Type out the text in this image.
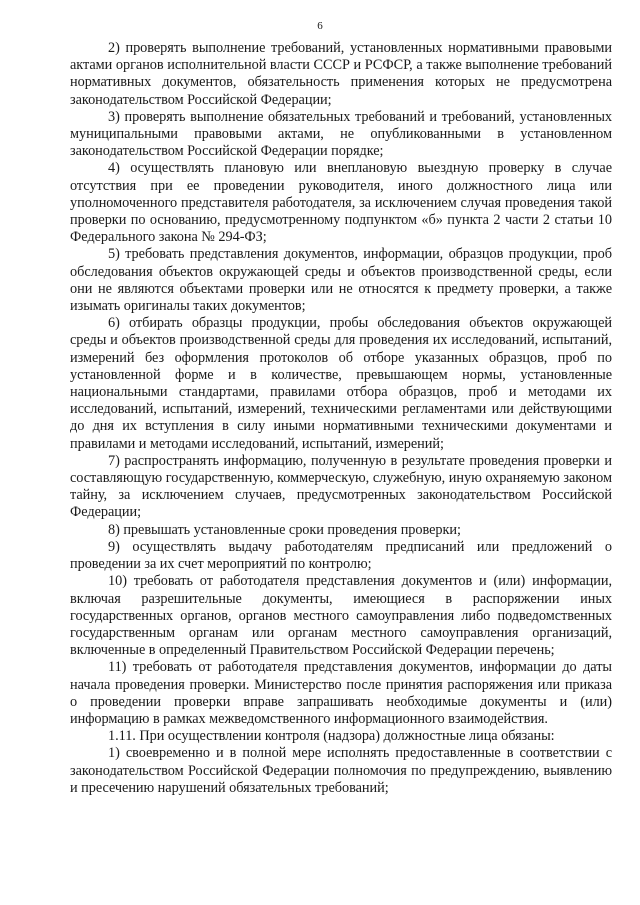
6

2) проверять выполнение требований, установленных нормативными правовыми актами органов исполнительной власти СССР и РСФСР, а также выполнение требований нормативных документов, обязательность применения которых не предусмотрена законодательством Российской Федерации;

3) проверять выполнение обязательных требований и требований, установленных муниципальными правовыми актами, не опубликованными в установленном законодательством Российской Федерации порядке;

4) осуществлять плановую или внеплановую выездную проверку в случае отсутствия при ее проведении руководителя, иного должностного лица или уполномоченного представителя работодателя, за исключением случая проведения такой проверки по основанию, предусмотренному подпунктом «б» пункта 2 части 2 статьи 10 Федерального закона № 294-ФЗ;

5) требовать представления документов, информации, образцов продукции, проб обследования объектов окружающей среды и объектов производственной среды, если они не являются объектами проверки или не относятся к предмету проверки, а также изымать оригиналы таких документов;

6) отбирать образцы продукции, пробы обследования объектов окружающей среды и объектов производственной среды для проведения их исследований, испытаний, измерений без оформления протоколов об отборе указанных образцов, проб по установленной форме и в количестве, превышающем нормы, установленные национальными стандартами, правилами отбора образцов, проб и методами их исследований, испытаний, измерений, техническими регламентами или действующими до дня их вступления в силу иными нормативными техническими документами и правилами и методами исследований, испытаний, измерений;

7) распространять информацию, полученную в результате проведения проверки и составляющую государственную, коммерческую, служебную, иную охраняемую законом тайну, за исключением случаев, предусмотренных законодательством Российской Федерации;

8) превышать установленные сроки проведения проверки;

9) осуществлять выдачу работодателям предписаний или предложений о проведении за их счет мероприятий по контролю;

10) требовать от работодателя представления документов и (или) информации, включая разрешительные документы, имеющиеся в распоряжении иных государственных органов, органов местного самоуправления либо подведомственных государственным органам или органам местного самоуправления организаций, включенные в определенный Правительством Российской Федерации перечень;

11) требовать от работодателя представления документов, информации до даты начала проведения проверки. Министерство после принятия распоряжения или приказа о проведении проверки вправе запрашивать необходимые документы и (или) информацию в рамках межведомственного информационного взаимодействия.

1.11. При осуществлении контроля (надзора) должностные лица обязаны:

1) своевременно и в полной мере исполнять предоставленные в соответствии с законодательством Российской Федерации полномочия по предупреждению, выявлению и пресечению нарушений обязательных требований;
